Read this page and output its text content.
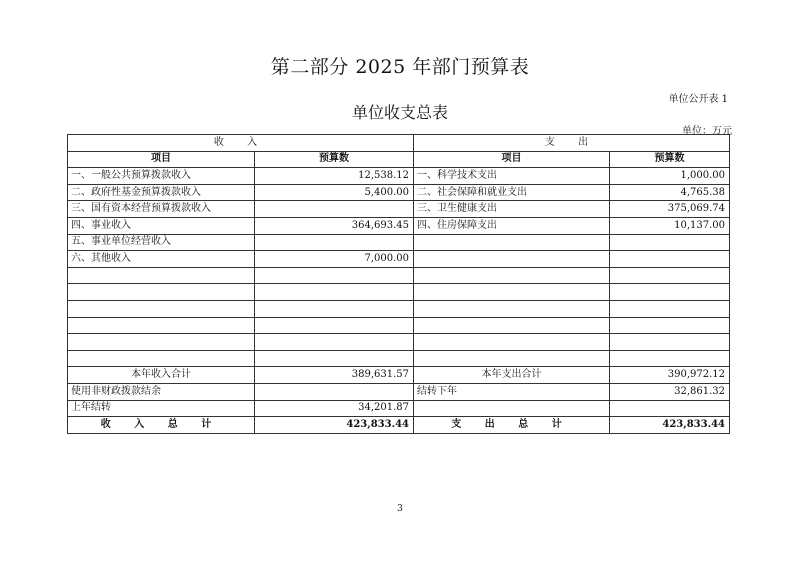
第二部分 2025 年部门预算表
单位公开表 1
单位收支总表
单位：万元
收 入		支 出	
项目	预算数	项目	预算数
一、一般公共预算拨款收入	12,538.12	一、科学技术支出	1,000.00
二、政府性基金预算拨款收入	5,400.00	二、社会保障和就业支出	4,765.38
三、国有资本经营预算拨款收入		三、卫生健康支出	375,069.74
四、事业收入	364,693.45	四、住房保障支出	10,137.00
五、事业单位经营收入			
六、其他收入	7,000.00		

本年收入合计	389,631.57	本年支出合计	390,972.12
使用非财政拨款结余		结转下年	32,861.32
上年结转	34,201.87		
收 入 总 计	423,833.44	支 出 总 计	423,833.44
3
